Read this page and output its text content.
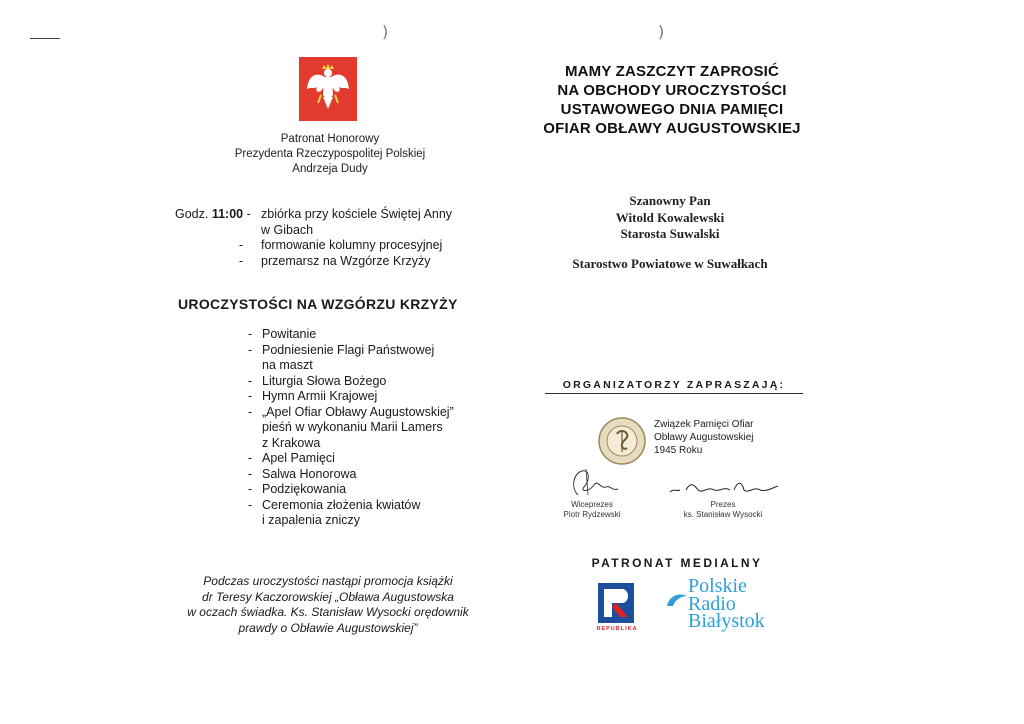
)	)
Patronat Honorowy
Prezydenta Rzeczypospolitej Polskiej
Andrzeja Dudy
Godz. 11:00 -zbiórka przy kościele Świętej Anny
w Gibach
- formowanie kolumny procesyjnej
- przemarsz na Wzgórze Krzyży
UROCZYSTOŚCI NA WZGÓRZU KRZYŻY
- Powitanie
- Podniesienie Flagi Państwowej
na maszt
- Liturgia Słowa Bożego
- Hymn Armii Krajowej
- „Apel Ofiar Obławy Augustowskiej”
pieśń w wykonaniu Marii Lamers
z Krakowa
- Apel Pamięci
- Salwa Honorowa
- Podziękowania
- Ceremonia złożenia kwiatów
i zapalenia zniczy
Podczas uroczystości nastąpi promocja książki
dr Teresy Kaczorowskiej „Obława Augustowska
w oczach świadka. Ks. Stanisław Wysocki orędownik
prawdy o Obławie Augustowskiej”
MAMY ZASZCZYT ZAPROSIĆ
NA OBCHODY UROCZYSTOŚCI
USTAWOWEGO DNIA PAMIĘCI
OFIAR OBŁAWY AUGUSTOWSKIEJ
Szanowny Pan
Witold Kowalewski
Starosta Suwalski
Starostwo Powiatowe w Suwałkach
ORGANIZATORZY ZAPRASZAJĄ:
Związek Pamięci Ofiar
Obławy Augustowskiej
1945 Roku
Wiceprezes
Piotr Rydzewski
Prezes
ks. Stanisław Wysocki
PATRONAT MEDIALNY
REPUBLIKA
Polskie
Radio
Białystok
